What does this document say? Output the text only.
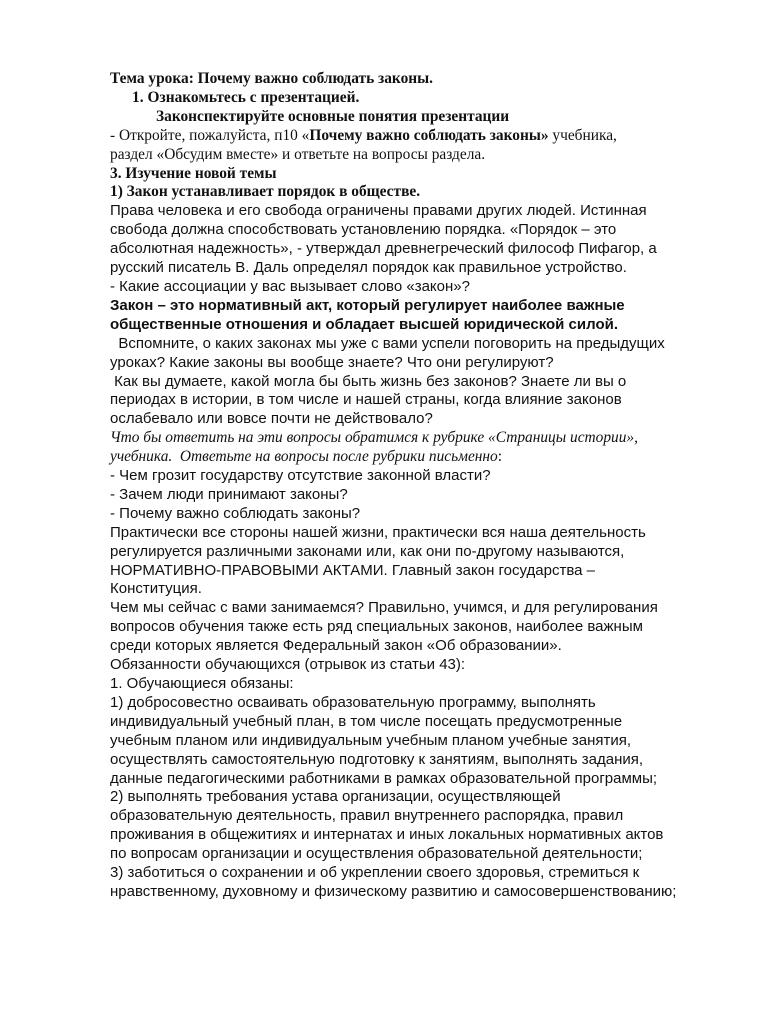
Тема урока: Почему важно соблюдать законы.
1. Ознакомьтесь с презентацией.
Законспектируйте основные понятия презентации
- Откройте, пожалуйста, п10 «Почему важно соблюдать законы» учебника,
раздел «Обсудим вместе» и ответьте на вопросы раздела.
3. Изучение новой темы
1) Закон устанавливает порядок в обществе.
Права человека и его свобода ограничены правами других людей. Истинная
свобода должна способствовать установлению порядка. «Порядок – это
абсолютная надежность», - утверждал древнегреческий философ Пифагор, а
русский писатель В. Даль определял порядок как правильное устройство.
- Какие ассоциации у вас вызывает слово «закон»?
Закон – это нормативный акт, который регулирует наиболее важные
общественные отношения и обладает высшей юридической силой.
Вспомните, о каких законах мы уже с вами успели поговорить на предыдущих
уроках? Какие законы вы вообще знаете? Что они регулируют?
Как вы думаете, какой могла бы быть жизнь без законов? Знаете ли вы о
периодах в истории, в том числе и нашей страны, когда влияние законов
ослабевало или вовсе почти не действовало?
Что бы ответить на эти вопросы обратимся к рубрике «Страницы истории»,
учебника.  Ответьте на вопросы после рубрики письменно:
- Чем грозит государству отсутствие законной власти?
- Зачем люди принимают законы?
- Почему важно соблюдать законы?
Практически все стороны нашей жизни, практически вся наша деятельность
регулируется различными законами или, как они по-другому называются,
НОРМАТИВНО-ПРАВОВЫМИ АКТАМИ. Главный закон государства –
Конституция.
Чем мы сейчас с вами занимаемся? Правильно, учимся, и для регулирования
вопросов обучения также есть ряд специальных законов, наиболее важным
среди которых является Федеральный закон «Об образовании».
Обязанности обучающихся (отрывок из статьи 43):
1. Обучающиеся обязаны:
1) добросовестно осваивать образовательную программу, выполнять
индивидуальный учебный план, в том числе посещать предусмотренные
учебным планом или индивидуальным учебным планом учебные занятия,
осуществлять самостоятельную подготовку к занятиям, выполнять задания,
данные педагогическими работниками в рамках образовательной программы;
2) выполнять требования устава организации, осуществляющей
образовательную деятельность, правил внутреннего распорядка, правил
проживания в общежитиях и интернатах и иных локальных нормативных актов
по вопросам организации и осуществления образовательной деятельности;
3) заботиться о сохранении и об укреплении своего здоровья, стремиться к
нравственному, духовному и физическому развитию и самосовершенствованию;
